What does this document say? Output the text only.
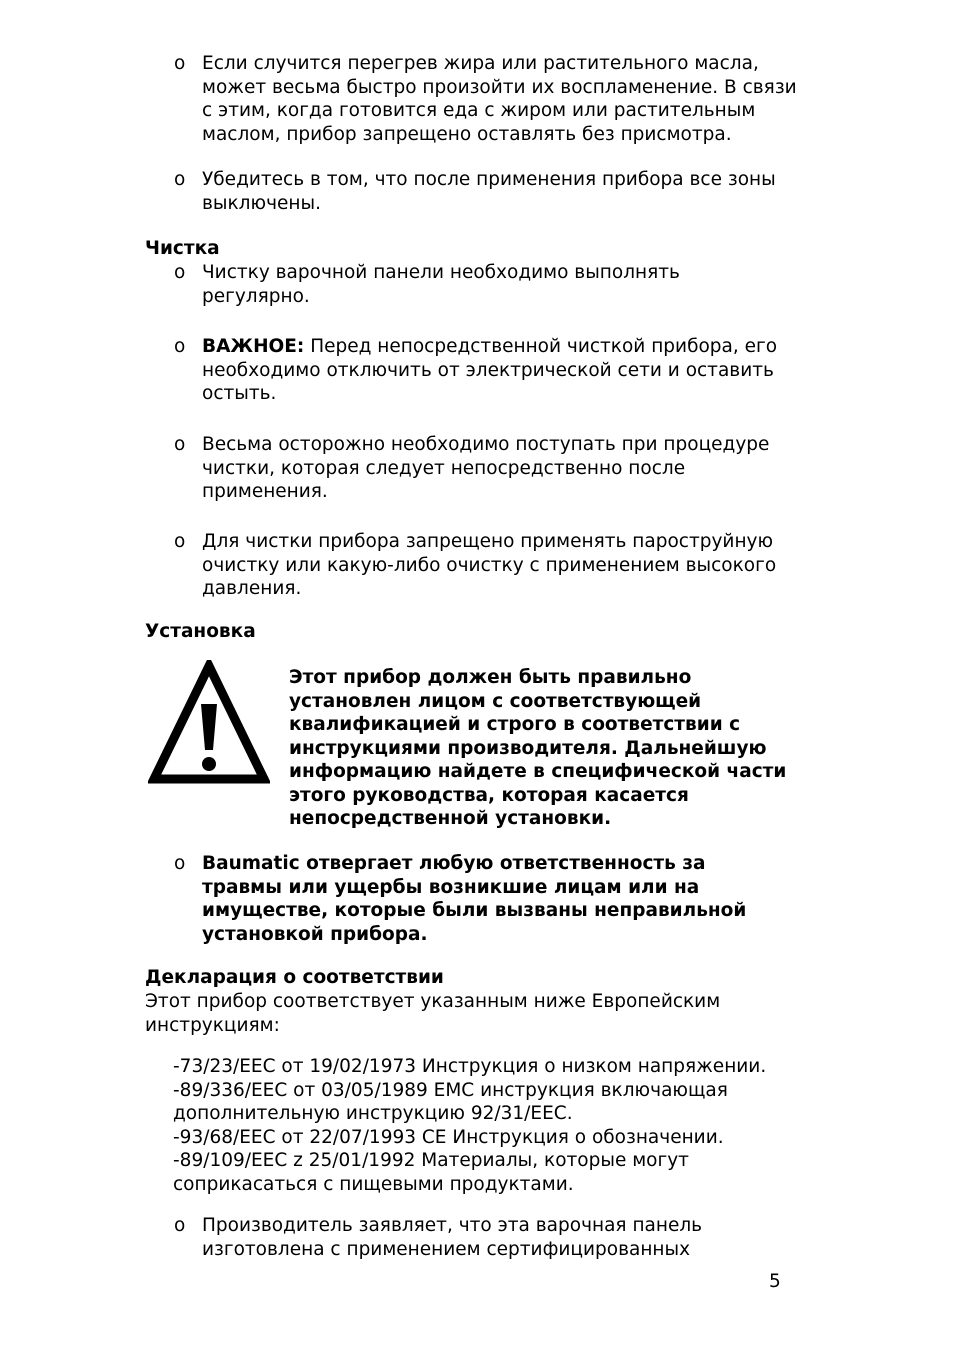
o Если случится перегрев жира или растительного масла,
может весьма быстро произойти их воспламенение. В связи
с этим, когда готовится еда с жиром или растительным
маслом, прибор запрещено оставлять без присмотра.
o Убедитесь в том, что после применения прибора все зоны
выключены.
Чистка
o Чистку варочной панели необходимо выполнять
регулярно.
o ВАЖНОЕ: Перед непосредственной чисткой прибора, его
необходимо отключить от электрической сети и оставить
остыть.
o Весьма осторожно необходимо поступать при процедуре
чистки, которая следует непосредственно после
применения.
o Для чистки прибора запрещено применять пароструйную
очистку или какую-либо очистку с применением высокого
давления.
Установка
Этот прибор должен быть правильно
установлен лицом с соответствующей
квалификацией и строго в соответствии с
инструкциями производителя. Дальнейшую
информацию найдете в специфической части
этого руководства, которая касается
непосредственной установки.
o Baumatic отвергает любую ответственность за
травмы или ущербы возникшие лицам или на
имуществе, которые были вызваны неправильной
установкой прибора.
Декларация о соответствии
Этот прибор соответствует указанным ниже Европейским
инструкциям:
-73/23/EEC от 19/02/1973 Инструкция о низком напряжении.
-89/336/EEC от 03/05/1989 EMC инструкция включающая
дополнительную инструкцию 92/31/EEC.
-93/68/EEC от 22/07/1993 CE Инструкция о обозначении.
-89/109/EEC z 25/01/1992 Материалы, которые могут
соприкасаться с пищевыми продуктами.
o Производитель заявляет, что эта варочная панель
изготовлена с применением сертифицированных
5
